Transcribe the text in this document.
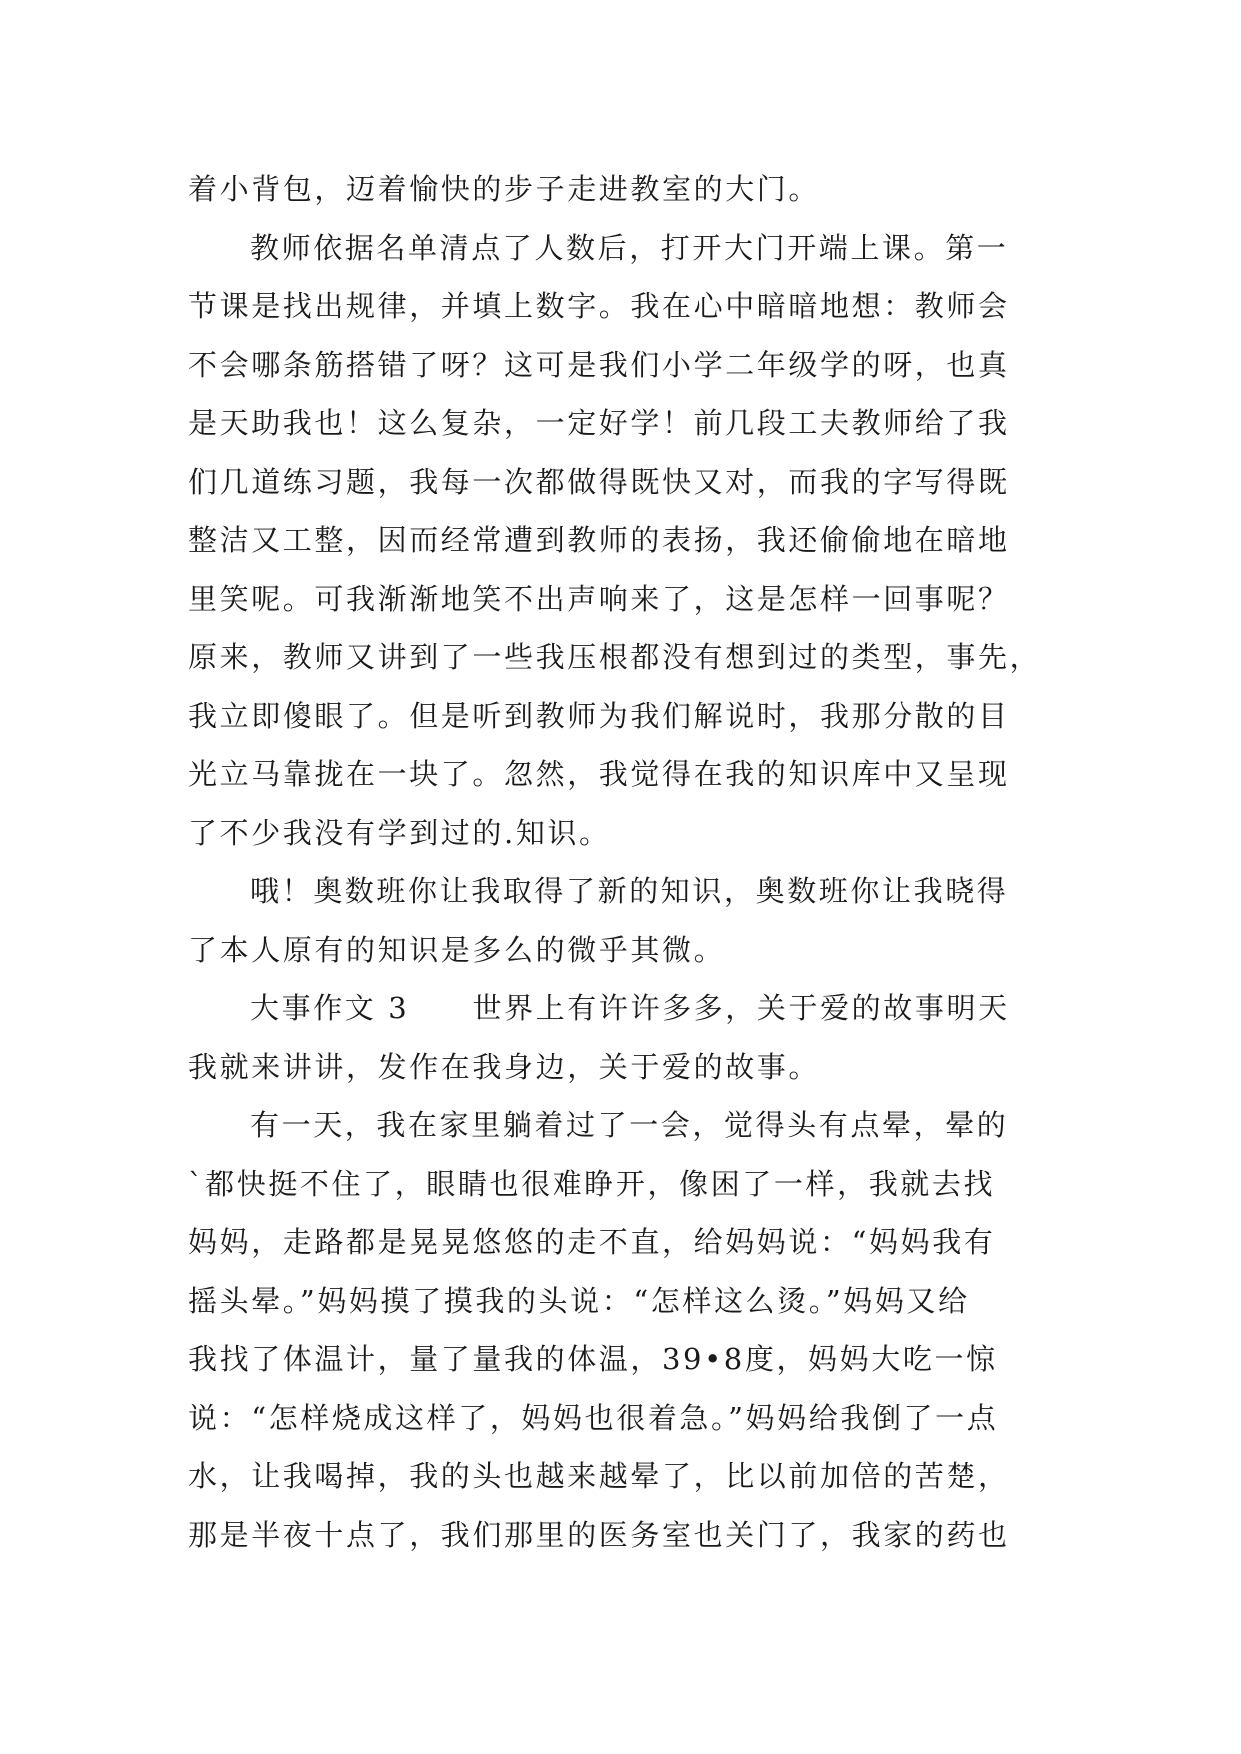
着小背包，迈着愉快的步子走进教室的大门。
教师依据名单清点了人数后，打开大门开端上课。第一
节课是找出规律，并填上数字。我在心中暗暗地想：教师会
不会哪条筋搭错了呀？这可是我们小学二年级学的呀，也真
是天助我也！这么复杂，一定好学！前几段工夫教师给了我
们几道练习题，我每一次都做得既快又对，而我的字写得既
整洁又工整，因而经常遭到教师的表扬，我还偷偷地在暗地
里笑呢。可我渐渐地笑不出声响来了，这是怎样一回事呢？
原来，教师又讲到了一些我压根都没有想到过的类型，事先，
我立即傻眼了。但是听到教师为我们解说时，我那分散的目
光立马靠拢在一块了。忽然，我觉得在我的知识库中又呈现
了不少我没有学到过的.知识。
哦！奥数班你让我取得了新的知识，奥数班你让我晓得
了本人原有的知识是多么的微乎其微。
大事作文 3　　世界上有许许多多，关于爱的故事明天
我就来讲讲，发作在我身边，关于爱的故事。
有一天，我在家里躺着过了一会，觉得头有点晕，晕的
`都快挺不住了，眼睛也很难睁开，像困了一样，我就去找
妈妈，走路都是晃晃悠悠的走不直，给妈妈说：“妈妈我有
摇头晕。”妈妈摸了摸我的头说：“怎样这么烫。”妈妈又给
我找了体温计，量了量我的体温，39•8度，妈妈大吃一惊
说：“怎样烧成这样了，妈妈也很着急。”妈妈给我倒了一点
水，让我喝掉，我的头也越来越晕了，比以前加倍的苦楚，
那是半夜十点了，我们那里的医务室也关门了，我家的药也
